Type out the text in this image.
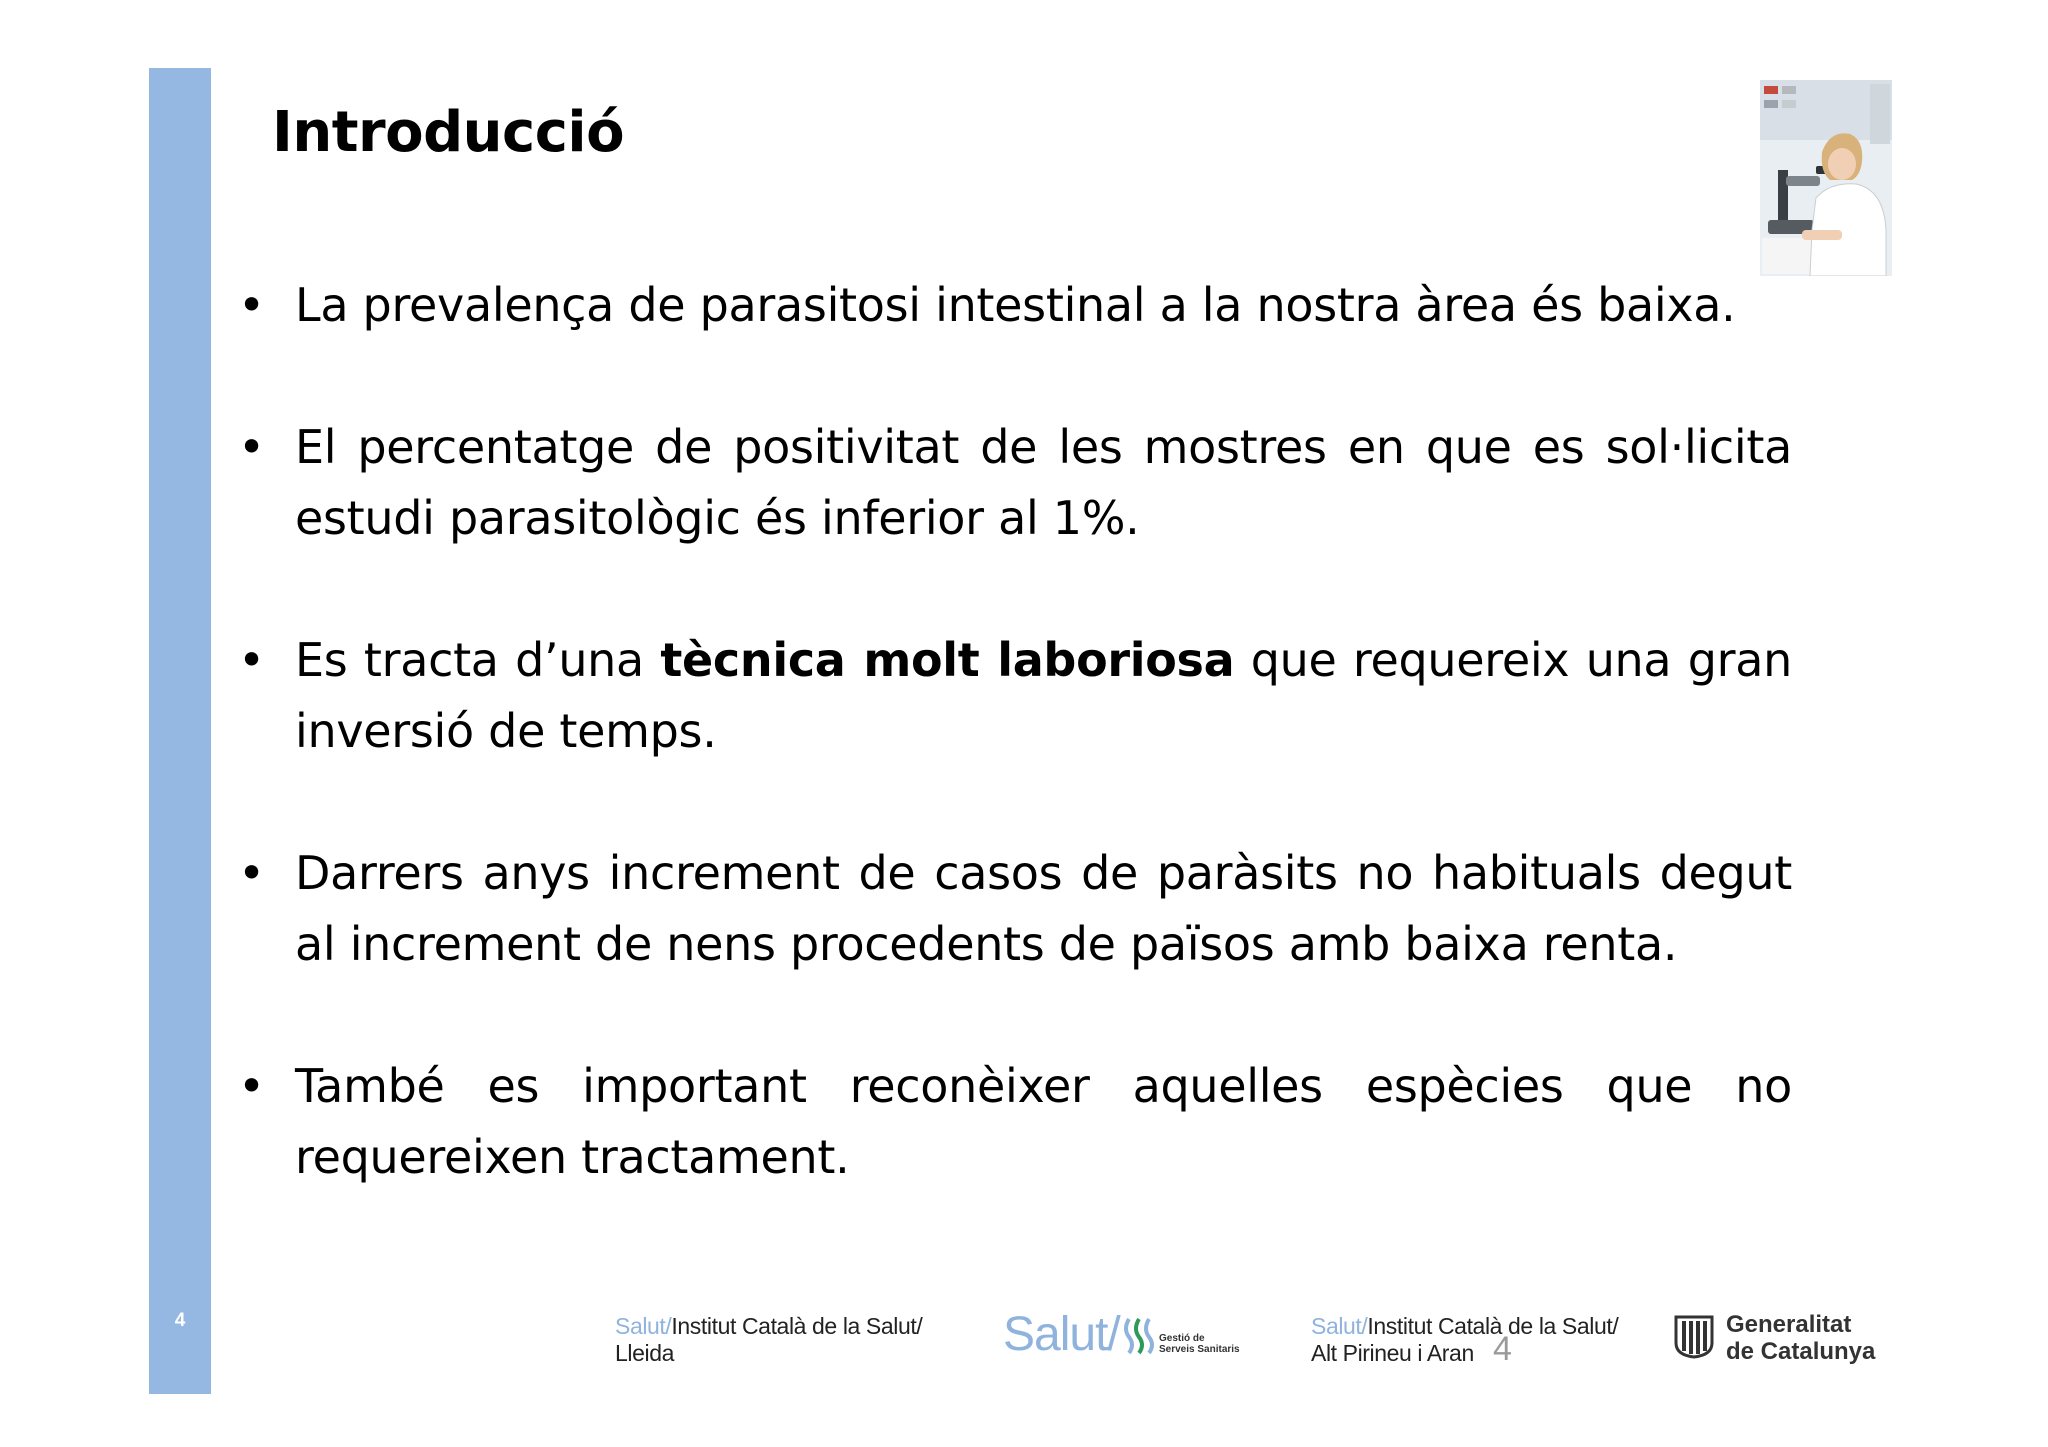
4
Introducció
• La prevalença de parasitosi intestinal a la nostra àrea és baixa.
• El percentatge de positivitat de les mostres en que es sol·licita estudi parasitològic és inferior al 1%.
• Es tracta d’una tècnica molt laboriosa que requereix una gran inversió de temps.
• Darrers anys increment de casos de paràsits no habituals degut al increment de nens procedents de països amb baixa renta.
• També es important reconèixer aquelles espècies que no requereixen tractament.
Salut/Institut Català de la Salut/
Lleida	Salut/	Gestió de
Serveis Sanitaris
Salut/Institut Català de la Salut/
Alt Pirineu i Aran 4
Generalitat
de Catalunya
